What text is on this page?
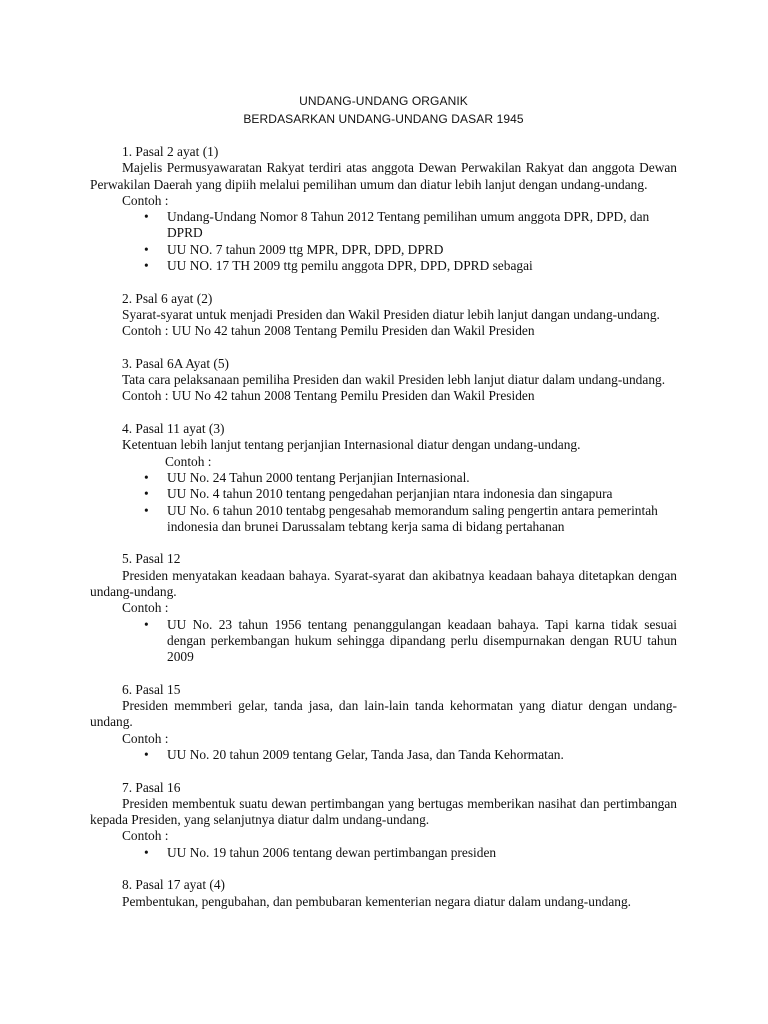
UNDANG-UNDANG ORGANIK
BERDASARKAN UNDANG-UNDANG DASAR 1945

1. Pasal 2 ayat (1)

Majelis Permusyawaratan Rakyat terdiri atas anggota Dewan Perwakilan Rakyat dan anggota Dewan Perwakilan Daerah yang dipiih melalui pemilihan umum dan diatur lebih lanjut dengan undang-undang.

Contoh :

• Undang-Undang Nomor 8 Tahun 2012 Tentang pemilihan umum anggota DPR, DPD, dan DPRD
• UU NO. 7 tahun 2009 ttg MPR, DPR, DPD, DPRD
• UU NO. 17 TH 2009 ttg pemilu anggota DPR, DPD, DPRD sebagai

2. Psal 6 ayat (2)

Syarat-syarat untuk menjadi Presiden dan Wakil Presiden diatur lebih lanjut dangan undang-undang.

Contoh : UU No 42 tahun 2008 Tentang Pemilu Presiden dan Wakil Presiden

3. Pasal 6A Ayat (5)

Tata cara pelaksanaan pemiliha Presiden dan wakil Presiden lebh lanjut diatur dalam undang-undang.

Contoh : UU No 42 tahun 2008 Tentang Pemilu Presiden dan Wakil Presiden

4. Pasal 11 ayat (3)

Ketentuan lebih lanjut tentang perjanjian Internasional diatur dengan undang-undang.

Contoh :

• UU No. 24 Tahun 2000 tentang Perjanjian Internasional.
• UU No. 4 tahun 2010 tentang pengedahan perjanjian ntara indonesia dan singapura
• UU No. 6 tahun 2010 tentabg pengesahab memorandum saling pengertin antara pemerintah indonesia dan brunei Darussalam tebtang kerja sama di bidang pertahanan

5. Pasal 12

Presiden menyatakan keadaan bahaya. Syarat-syarat dan akibatnya keadaan bahaya ditetapkan dengan undang-undang.

Contoh :

• UU No. 23 tahun 1956 tentang penanggulangan keadaan bahaya. Tapi karna tidak sesuai dengan perkembangan hukum sehingga dipandang perlu disempurnakan dengan RUU tahun 2009

6. Pasal 15

Presiden memmberi gelar, tanda jasa, dan lain-lain tanda kehormatan yang diatur dengan undang-undang.

Contoh :

• UU No. 20 tahun 2009 tentang Gelar, Tanda Jasa, dan Tanda Kehormatan.

7. Pasal 16

Presiden membentuk suatu dewan pertimbangan yang bertugas memberikan nasihat dan pertimbangan kepada Presiden, yang selanjutnya diatur dalm undang-undang.

Contoh :

• UU No. 19 tahun 2006 tentang dewan pertimbangan presiden

8. Pasal 17 ayat (4)

Pembentukan, pengubahan, dan pembubaran kementerian negara diatur dalam undang-undang.
